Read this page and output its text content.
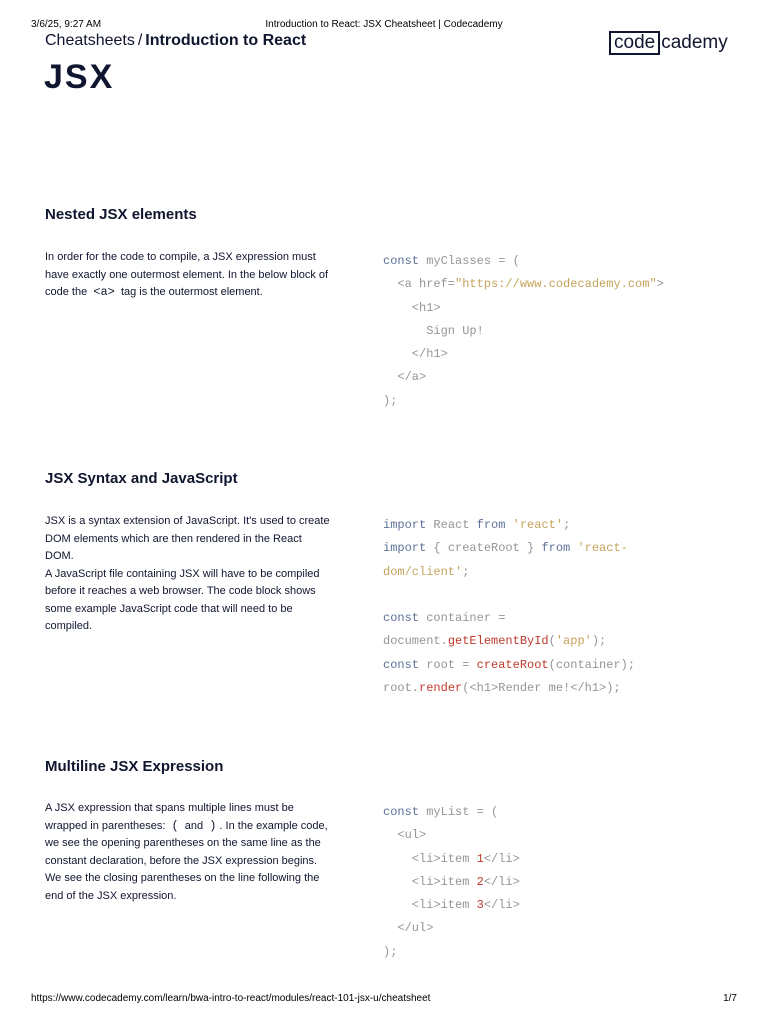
3/6/25, 9:27 AM	Introduction to React: JSX Cheatsheet | Codecademy
Cheatsheets / Introduction to React	code cademy
JSX
Nested JSX elements

In order for the code to compile, a JSX expression must have exactly one outermost element. In the below block of code the <a> tag is the outermost element.

const myClasses = (
<a href="https://www.codecademy.com">
<h1>
Sign Up!
</h1>
</a>
);
JSX Syntax and JavaScript

JSX is a syntax extension of JavaScript. It's used to create DOM elements which are then rendered in the React DOM.

A JavaScript file containing JSX will have to be compiled before it reaches a web browser. The code block shows some example JavaScript code that will need to be compiled.

import React from 'react';
import { createRoot } from 'react-
dom/client';

const container =
document.getElementById('app');
const root = createRoot(container);
root.render(<h1>Render me!</h1>);
Multiline JSX Expression

A JSX expression that spans multiple lines must be wrapped in parentheses: ( and ) . In the example code, we see the opening parentheses on the same line as the constant declaration, before the JSX expression begins. We see the closing parentheses on the line following the end of the JSX expression.

const myList = (
<ul>
<li>item 1</li>
<li>item 2</li>
<li>item 3</li>
</ul>
);
https://www.codecademy.com/learn/bwa-intro-to-react/modules/react-101-jsx-u/cheatsheet	1/7
